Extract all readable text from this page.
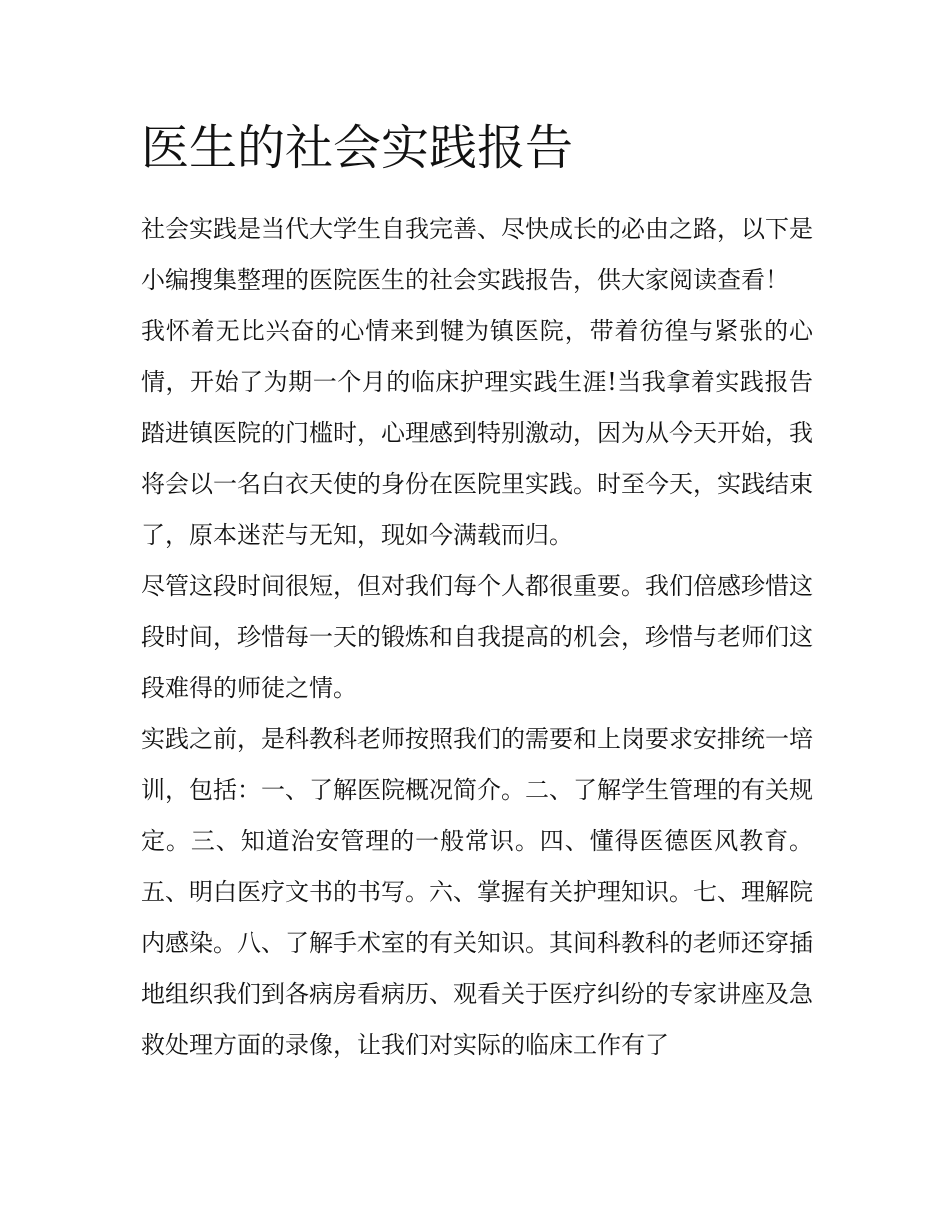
医生的社会实践报告

社会实践是当代大学生自我完善、尽快成长的必由之路，以下是小编搜集整理的医院医生的社会实践报告，供大家阅读查看！

我怀着无比兴奋的心情来到犍为镇医院，带着彷徨与紧张的心情，开始了为期一个月的临床护理实践生涯!当我拿着实践报告踏进镇医院的门槛时，心理感到特别激动，因为从今天开始，我将会以一名白衣天使的身份在医院里实践。时至今天，实践结束了，原本迷茫与无知，现如今满载而归。

尽管这段时间很短，但对我们每个人都很重要。我们倍感珍惜这段时间，珍惜每一天的锻炼和自我提高的机会，珍惜与老师们这段难得的师徒之情。

实践之前，是科教科老师按照我们的需要和上岗要求安排统一培训，包括：一、了解医院概况简介。二、了解学生管理的有关规定。三、知道治安管理的一般常识。四、懂得医德医风教育。五、明白医疗文书的书写。六、掌握有关护理知识。七、理解院内感染。八、了解手术室的有关知识。其间科教科的老师还穿插地组织我们到各病房看病历、观看关于医疗纠纷的专家讲座及急救处理方面的录像，让我们对实际的临床工作有了
